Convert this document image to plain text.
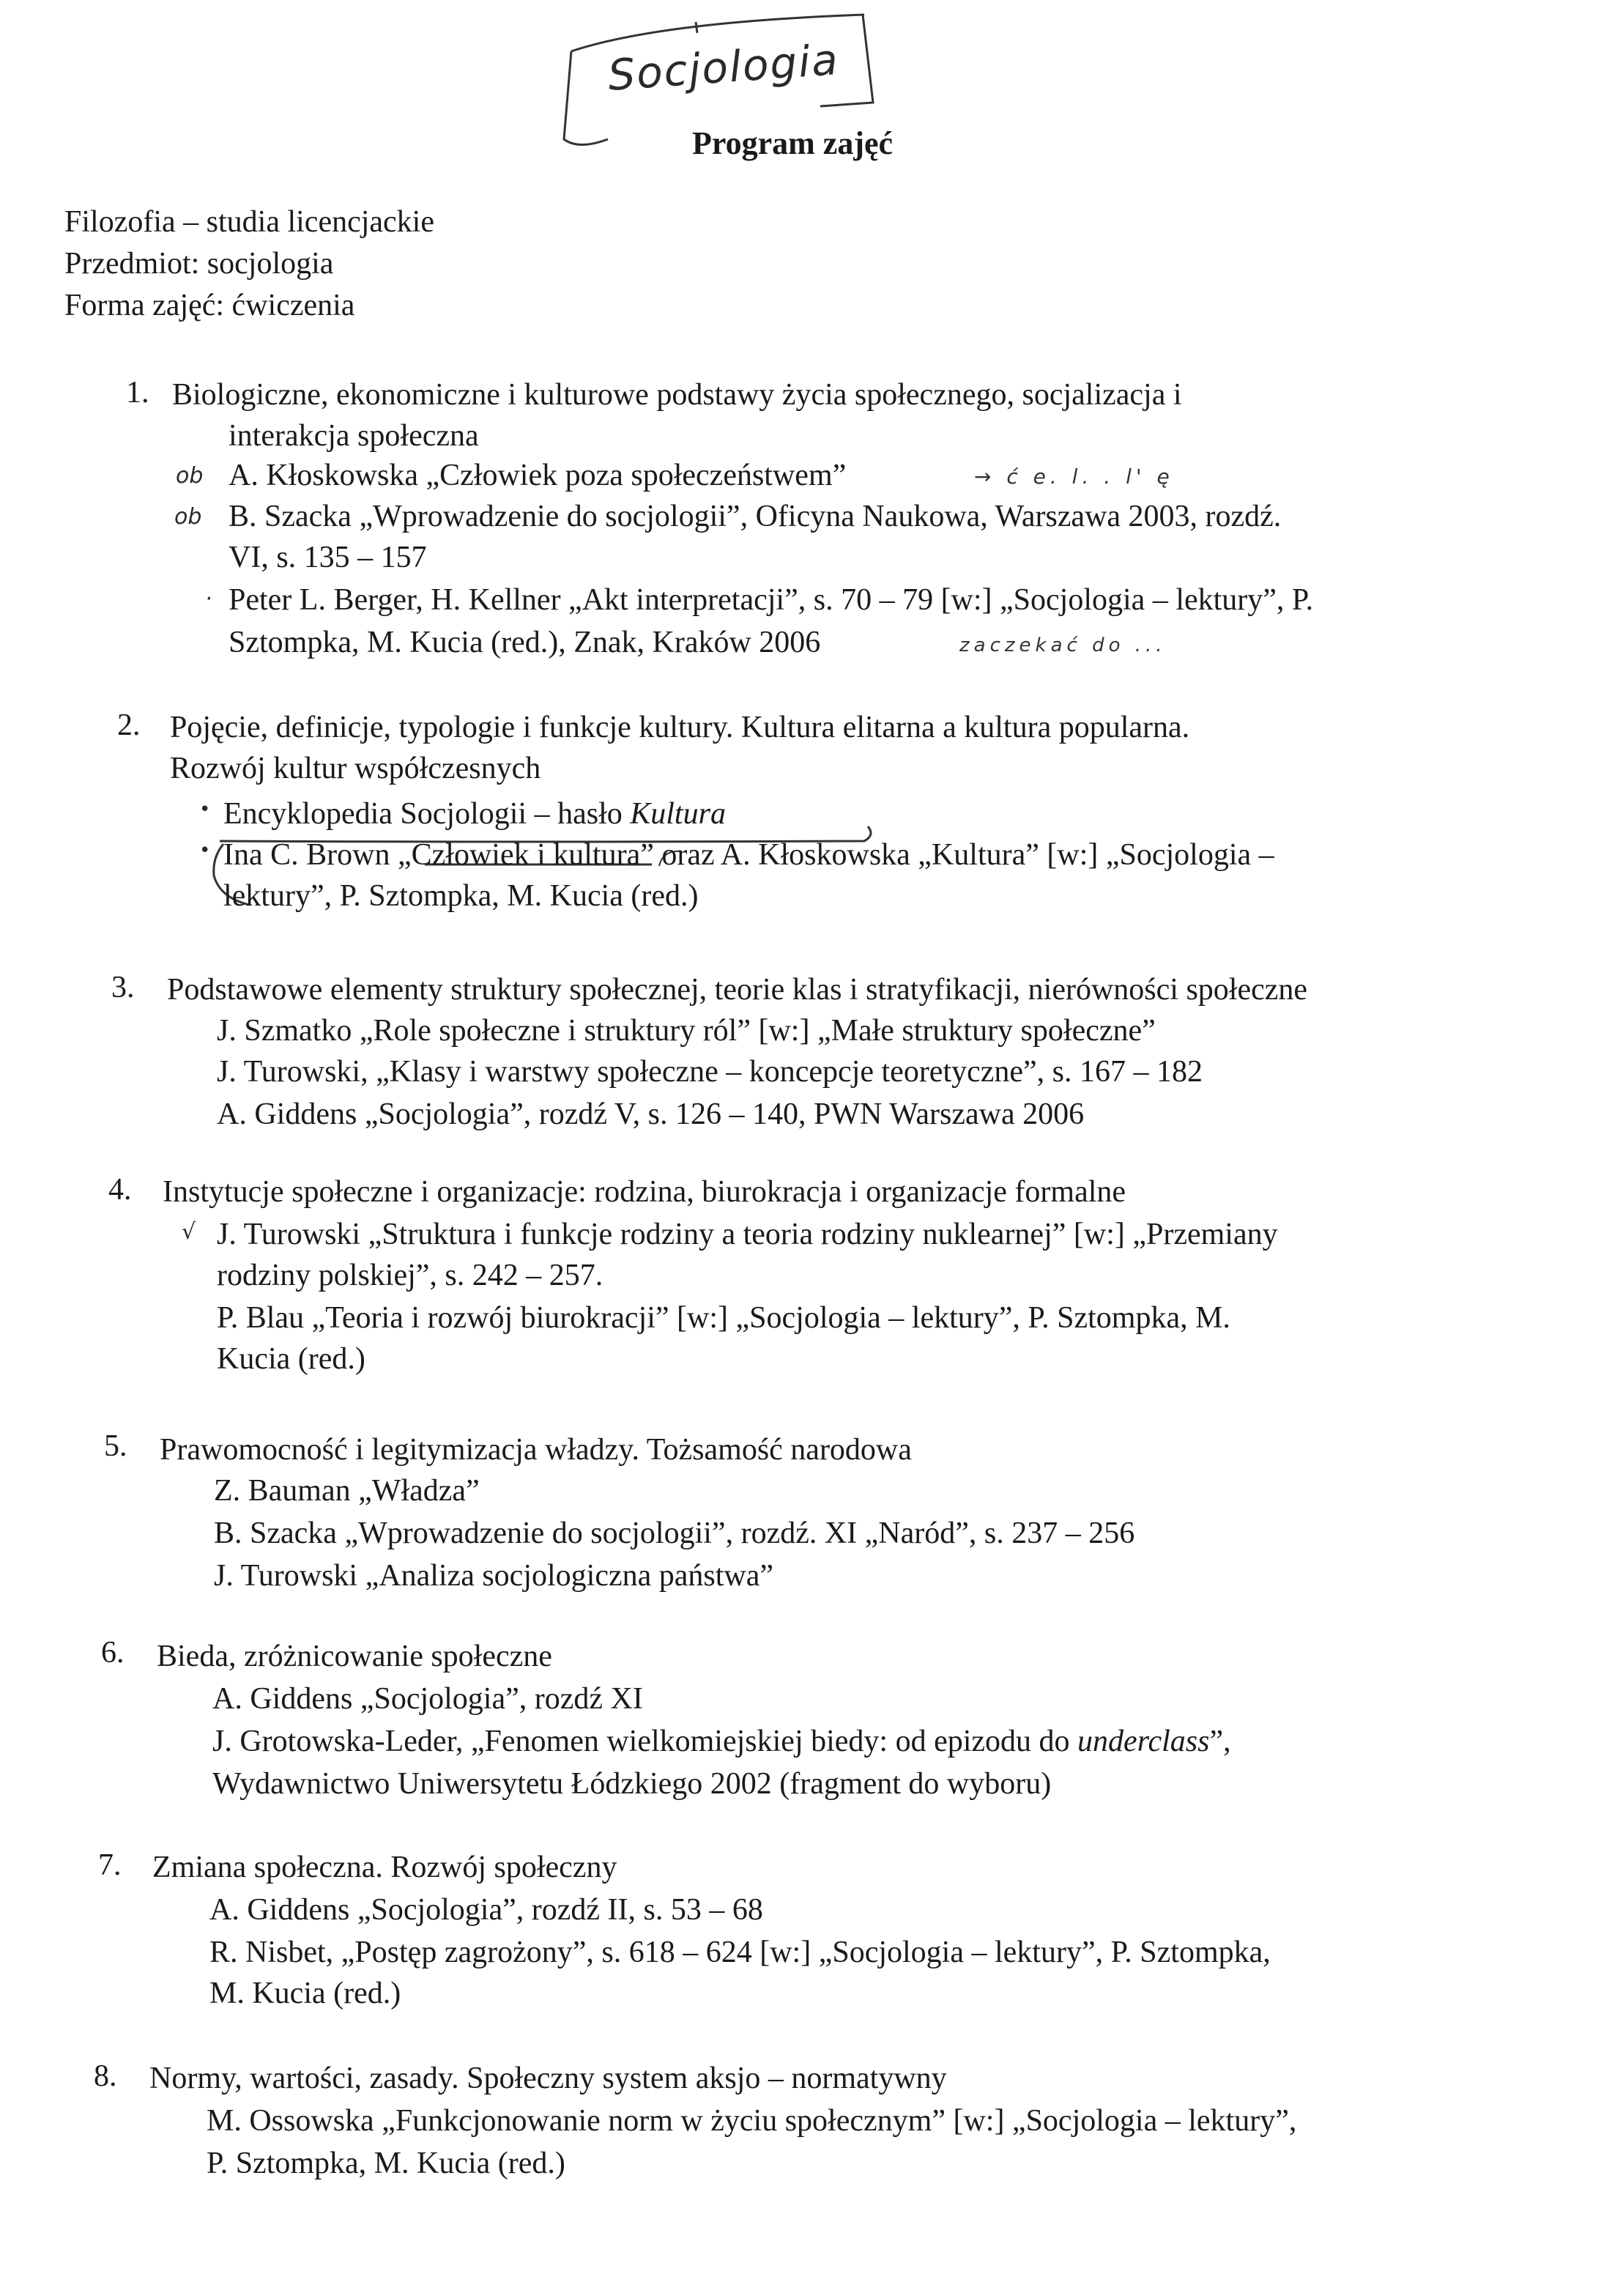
Socjologia
Program zajęć
Filozofia – studia licencjackie
Przedmiot: socjologia
Forma zajęć: ćwiczenia
1. Biologiczne, ekonomiczne i kulturowe podstawy życia społecznego, socjalizacja i
interakcja społeczna
ob A. Kłoskowska „Człowiek poza społeczeństwem”	→ ć e. l. . l' ę
ob B. Szacka „Wprowadzenie do socjologii”, Oficyna Naukowa, Warszawa 2003, rozdź.
VI, s. 135 – 157
· Peter L. Berger, H. Kellner „Akt interpretacji”, s. 70 – 79 [w:] „Socjologia – lektury”, P.
Sztompka, M. Kucia (red.), Znak, Kraków 2006	zaczekać do ...
2. Pojęcie, definicje, typologie i funkcje kultury. Kultura elitarna a kultura popularna.
Rozwój kultur współczesnych
• Encyklopedia Socjologii – hasło Kultura
• Ina C. Brown „Człowiek i kultura” oraz A. Kłoskowska „Kultura” [w:] „Socjologia –
lektury”, P. Sztompka, M. Kucia (red.)
3. Podstawowe elementy struktury społecznej, teorie klas i stratyfikacji, nierówności społeczne
J. Szmatko „Role społeczne i struktury ról” [w:] „Małe struktury społeczne”
J. Turowski, „Klasy i warstwy społeczne – koncepcje teoretyczne”, s. 167 – 182
A. Giddens „Socjologia”, rozdź V, s. 126 – 140, PWN Warszawa 2006
4. Instytucje społeczne i organizacje: rodzina, biurokracja i organizacje formalne
√ J. Turowski „Struktura i funkcje rodziny a teoria rodziny nuklearnej” [w:] „Przemiany
rodziny polskiej”, s. 242 – 257.
P. Blau „Teoria i rozwój biurokracji” [w:] „Socjologia – lektury”, P. Sztompka, M.
Kucia (red.)
5. Prawomocność i legitymizacja władzy. Tożsamość narodowa
Z. Bauman „Władza”
B. Szacka „Wprowadzenie do socjologii”, rozdź. XI „Naród”, s. 237 – 256
J. Turowski „Analiza socjologiczna państwa”
6. Bieda, zróżnicowanie społeczne
A. Giddens „Socjologia”, rozdź XI
J. Grotowska-Leder, „Fenomen wielkomiejskiej biedy: od epizodu do underclass”,
Wydawnictwo Uniwersytetu Łódzkiego 2002 (fragment do wyboru)
7. Zmiana społeczna. Rozwój społeczny
A. Giddens „Socjologia”, rozdź II, s. 53 – 68
R. Nisbet, „Postęp zagrożony”, s. 618 – 624 [w:] „Socjologia – lektury”, P. Sztompka,
M. Kucia (red.)
8. Normy, wartości, zasady. Społeczny system aksjo – normatywny
M. Ossowska „Funkcjonowanie norm w życiu społecznym” [w:] „Socjologia – lektury”,
P. Sztompka, M. Kucia (red.)
